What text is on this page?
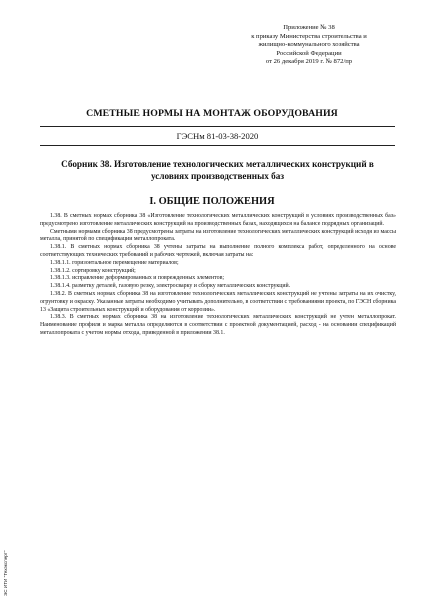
Приложение № 38
к приказу Министерства строительства и
жилищно-коммунального хозяйства
Российской Федерации
от 26 декабря 2019 г. № 872/пр
СМЕТНЫЕ НОРМЫ НА МОНТАЖ ОБОРУДОВАНИЯ
ГЭСНм 81-03-38-2020
Сборник 38. Изготовление технологических металлических конструкций в
условиях производственных баз
I. ОБЩИЕ ПОЛОЖЕНИЯ

1.38. В сметных нормах сборника 38 «Изготовление технологических металлических конструкций в условиях производственных баз» предусмотрено изготовление металлических конструкций на производственных базах, находящихся на балансе подрядных организаций.

Сметными нормами сборника 38 предусмотрены затраты на изготовление технологических металлических конструкций исходя из массы металла, принятой по спецификации металлопроката.

1.38.1. В сметных нормах сборника 38 учтены затраты на выполнение полного комплекса работ, определенного на основе соответствующих технических требований и рабочих чертежей, включая затраты на:

1.38.1.1. горизонтальное перемещение материалов;

1.38.1.2. сортировку конструкций;

1.38.1.3. исправление деформированных и поврежденных элементов;

1.38.1.4. разметку деталей, газовую резку, электросварку и сборку металлических конструкций.

1.38.2. В сметных нормах сборника 38 на изготовление технологических металлических конструкций не учтены затраты на их очистку, огрунтовку и окраску. Указанные затраты необходимо учитывать дополнительно, в соответствии с требованиями проекта, по ГЭСН сборника 13 «Защита строительных конструкций и оборудования от коррозии».

1.38.3. В сметных нормах сборника 38 на изготовление технологических металлических конструкций не учтен металлопрокат. Наименование профиля и марка металла определяются в соответствии с проектной документацией, расход - на основании спецификаций металлопроката с учетом нормы отхода, приведенной в приложении 38.1.

ЭС ИТИ "Техэксперт"
